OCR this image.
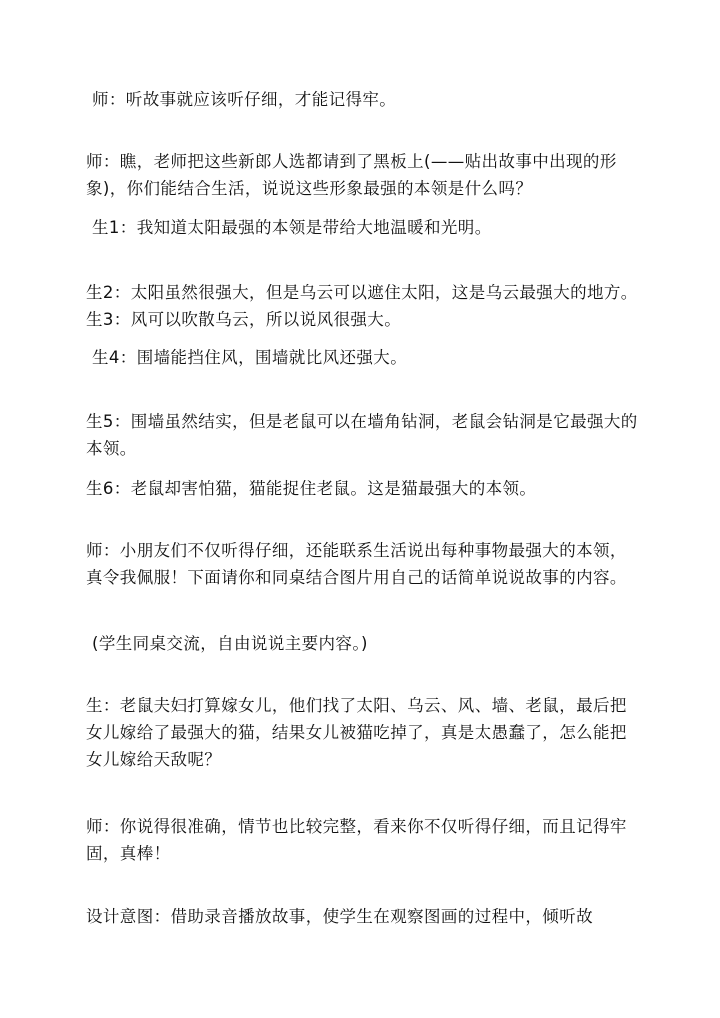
师：听故事就应该听仔细，才能记得牢。

师：瞧，老师把这些新郎人选都请到了黑板上(——贴出故事中出现的形象)，你们能结合生活，说说这些形象最强的本领是什么吗？

生1：我知道太阳最强的本领是带给大地温暖和光明。

生2：太阳虽然很强大，但是乌云可以遮住太阳，这是乌云最强大的地方。 生3：风可以吹散乌云，所以说风很强大。

生4：围墙能挡住风，围墙就比风还强大。

生5：围墙虽然结实，但是老鼠可以在墙角钻洞，老鼠会钻洞是它最强大的本领。

生6：老鼠却害怕猫，猫能捉住老鼠。这是猫最强大的本领。

师：小朋友们不仅听得仔细，还能联系生活说出每种事物最强大的本领，真令我佩服！下面请你和同桌结合图片用自己的话简单说说故事的内容。

(学生同桌交流，自由说说主要内容。)

生：老鼠夫妇打算嫁女儿，他们找了太阳、乌云、风、墙、老鼠，最后把女儿嫁给了最强大的猫，结果女儿被猫吃掉了，真是太愚蠢了，怎么能把女儿嫁给天敌呢？

师：你说得很准确，情节也比较完整，看来你不仅听得仔细，而且记得牢固，真棒！

设计意图：借助录音播放故事，使学生在观察图画的过程中，倾听故
